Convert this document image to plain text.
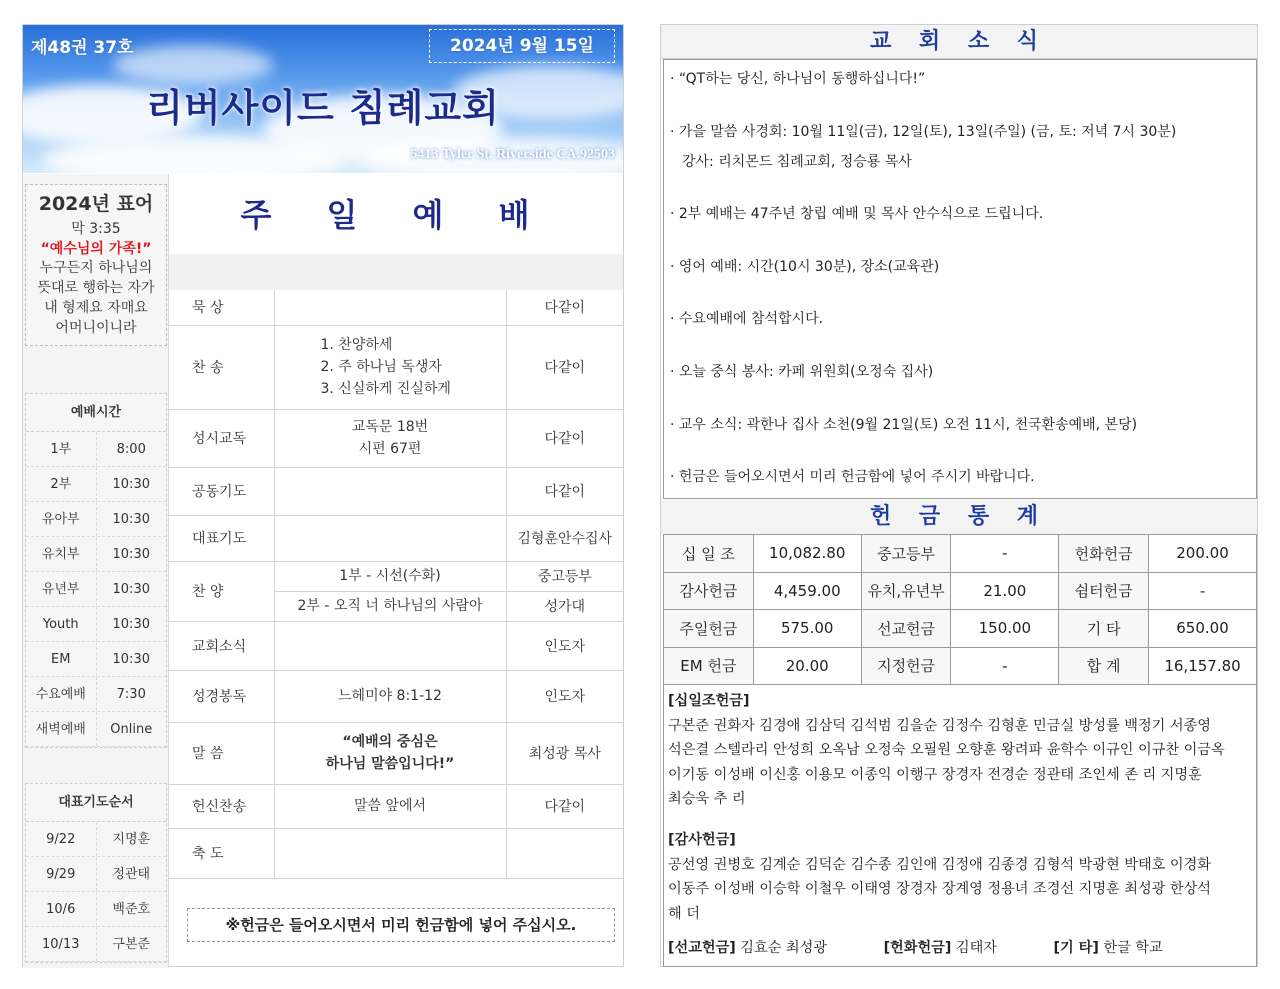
제48권 37호	2024년 9월 15일
리버사이드 침례교회
5413 Tyler St. Riverside CA.92503
2024년 표어
막 3:35
“예수님의 가족!”
누구든지 하나님의
뜻대로 행하는 자가
내 형제요 자매요
어머니이니라
예배시간
1부	8:00
2부	10:30
유아부	10:30
유치부	10:30
유년부	10:30
Youth	10:30
EM	10:30
수요예배	7:30
새벽예배	Online
대표기도순서
9/22	지명훈
9/29	정관태
10/6	백준호
10/13	구본준
주 일 예 배
묵 상		다같이
찬 송	1. 찬양하세
2. 주 하나님 독생자
3. 신실하게 진실하게	다같이
성시교독	교독문 18번
시편 67편	다같이
공동기도		다같이
대표기도		김형훈안수집사
찬 양	1부 - 시선(수화)	중고등부
	2부 - 오직 너 하나님의 사람아	성가대
교회소식		인도자
성경봉독	느헤미야 8:1-12	인도자
말 씀	“예배의 중심은
하나님 말씀입니다!”	최성광 목사
헌신찬송	말씀 앞에서	다같이
축 도		
※헌금은 들어오시면서 미리 헌금함에 넣어 주십시오.
교 회 소 식
· “QT하는 당신, 하나님이 동행하십니다!”
· 가을 말씀 사경회: 10월 11일(금), 12일(토), 13일(주일) (금, 토: 저녁 7시 30분)
강사: 리치몬드 침례교회, 정승룡 목사
· 2부 예배는 47주년 창립 예배 및 목사 안수식으로 드립니다.
· 영어 예배: 시간(10시 30분), 장소(교육관)
· 수요예배에 참석합시다.
· 오늘 중식 봉사: 카페 위원회(오정숙 집사)
· 교우 소식: 곽한나 집사 소천(9월 21일(토) 오전 11시, 천국환송예배, 본당)
· 헌금은 들어오시면서 미리 헌금함에 넣어 주시기 바랍니다.
헌 금 통 계
십 일 조	10,082.80	중고등부	-	헌화헌금	200.00
감사헌금	4,459.00	유치,유년부	21.00	쉼터헌금	-
주일헌금	575.00	선교헌금	150.00	기 타	650.00
EM 헌금	20.00	지정헌금	-	합 계	16,157.80
[십일조헌금]
구본준 권화자 김경애 김삼덕 김석범 김을순 김정수 김형훈 민금실 방성률 백정기 서종영
석은결 스텔라리 안성희 오옥남 오정숙 오필원 오향훈 왕려파 윤학수 이규인 이규찬 이금옥
이기동 이성배 이신홍 이용모 이종익 이행구 장경자 전경순 정관태 조인세 존 리 지명훈
최승욱 추 리
[감사헌금]
공선영 권병호 김계순 김덕순 김수종 김인애 김정애 김종경 김형석 박광현 박태호 이경화
이동주 이성배 이승학 이철우 이태영 장경자 장계영 정용녀 조경선 지명훈 최성광 한상석
해 더
[선교헌금] 김효순 최성광	[헌화헌금] 김태자	[기 타] 한글 학교
